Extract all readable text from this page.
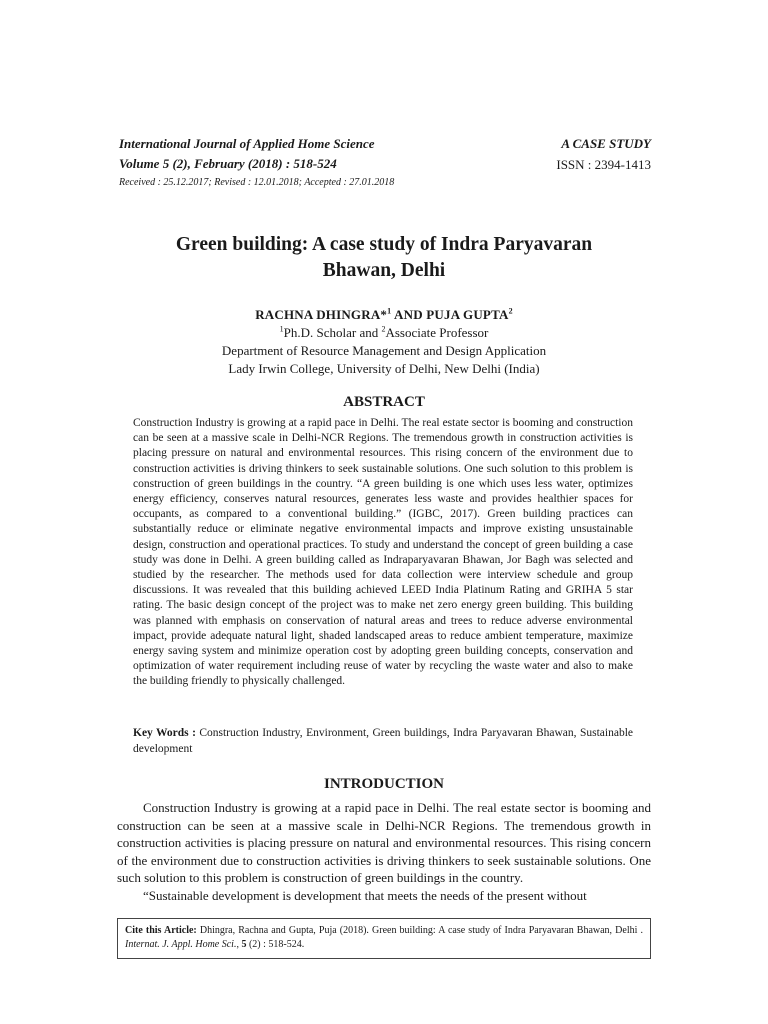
International Journal of Applied Home Science
Volume 5 (2), February (2018) : 518-524
Received : 25.12.2017; Revised : 12.01.2018; Accepted : 27.01.2018
A CASE STUDY
ISSN : 2394-1413
Green building: A case study of Indra Paryavaran
Bhawan, Delhi
RACHNA DHINGRA*$^1$ AND PUJA GUPTA$^2$
$^1$Ph.D. Scholar and $^2$Associate Professor
Department of Resource Management and Design Application
Lady Irwin College, University of Delhi, New Delhi (India)
ABSTRACT
Construction Industry is growing at a rapid pace in Delhi. The real estate sector is booming and construction can be seen at a massive scale in Delhi-NCR Regions. The tremendous growth in construction activities is placing pressure on natural and environmental resources. This rising concern of the environment due to construction activities is driving thinkers to seek sustainable solutions. One such solution to this problem is construction of green buildings in the country. “A green building is one which uses less water, optimizes energy efficiency, conserves natural resources, generates less waste and provides healthier spaces for occupants, as compared to a conventional building.” (IGBC, 2017). Green building practices can substantially reduce or eliminate negative environmental impacts and improve existing unsustainable design, construction and operational practices. To study and understand the concept of green building a case study was done in Delhi. A green building called as Indraparyavaran Bhawan, Jor Bagh was selected and studied by the researcher. The methods used for data collection were interview schedule and group discussions. It was revealed that this building achieved LEED India Platinum Rating and GRIHA 5 star rating. The basic design concept of the project was to make net zero energy green building. This building was planned with emphasis on conservation of natural areas and trees to reduce adverse environmental impact, provide adequate natural light, shaded landscaped areas to reduce ambient temperature, maximize energy saving system and minimize operation cost by adopting green building concepts, conservation and optimization of water requirement including reuse of water by recycling the waste water and also to make the building friendly to physically challenged.
Key Words : Construction Industry, Environment, Green buildings, Indra Paryavaran Bhawan, Sustainable development
INTRODUCTION

Construction Industry is growing at a rapid pace in Delhi. The real estate sector is booming and construction can be seen at a massive scale in Delhi-NCR Regions. The tremendous growth in construction activities is placing pressure on natural and environmental resources. This rising concern of the environment due to construction activities is driving thinkers to seek sustainable solutions. One such solution to this problem is construction of green buildings in the country.

“Sustainable development is development that meets the needs of the present without

Cite this Article: Dhingra, Rachna and Gupta, Puja (2018). Green building: A case study of Indra Paryavaran Bhawan, Delhi . Internat. J. Appl. Home Sci., 5 (2) : 518-524.
